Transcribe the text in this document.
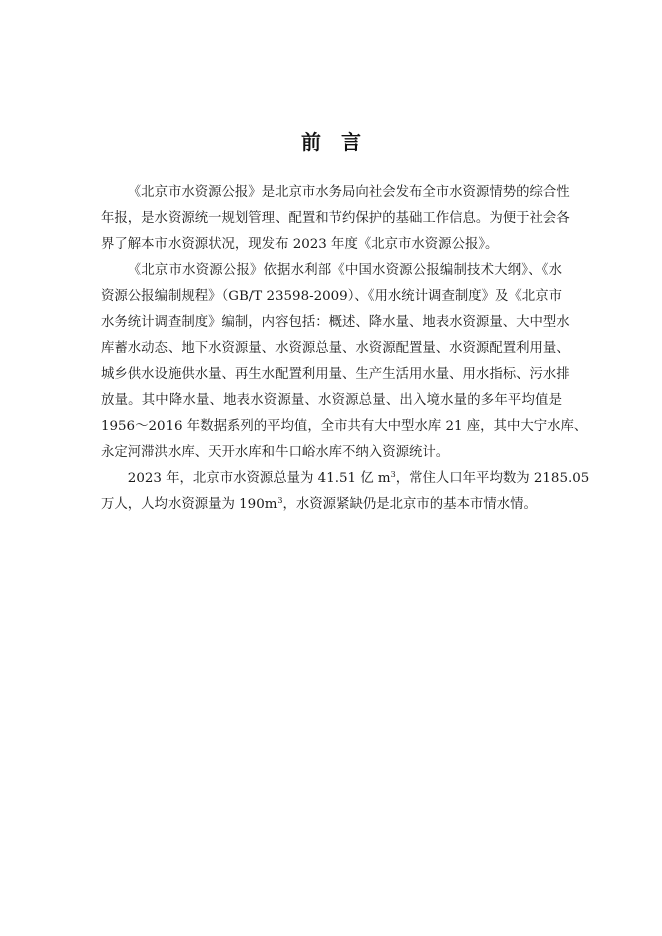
前 言
《北京市水资源公报》是北京市水务局向社会发布全市水资源情势的综合性
年报，是水资源统一规划管理、配置和节约保护的基础工作信息。为便于社会各
界了解本市水资源状况，现发布 2023 年度《北京市水资源公报》。
《北京市水资源公报》依据水利部《中国水资源公报编制技术大纲》、《水
资源公报编制规程》（GB/T 23598-2009）、《用水统计调查制度》及《北京市
水务统计调查制度》编制，内容包括：概述、降水量、地表水资源量、大中型水
库蓄水动态、地下水资源量、水资源总量、水资源配置量、水资源配置利用量、
城乡供水设施供水量、再生水配置利用量、生产生活用水量、用水指标、污水排
放量。其中降水量、地表水资源量、水资源总量、出入境水量的多年平均值是
1956～2016 年数据系列的平均值，全市共有大中型水库 21 座，其中大宁水库、
永定河滞洪水库、天开水库和牛口峪水库不纳入资源统计。
2023 年，北京市水资源总量为 41.51 亿 $m^3$，常住人口年平均数为 2185.05
万人，人均水资源量为 $190m^3$，水资源紧缺仍是北京市的基本市情水情。
